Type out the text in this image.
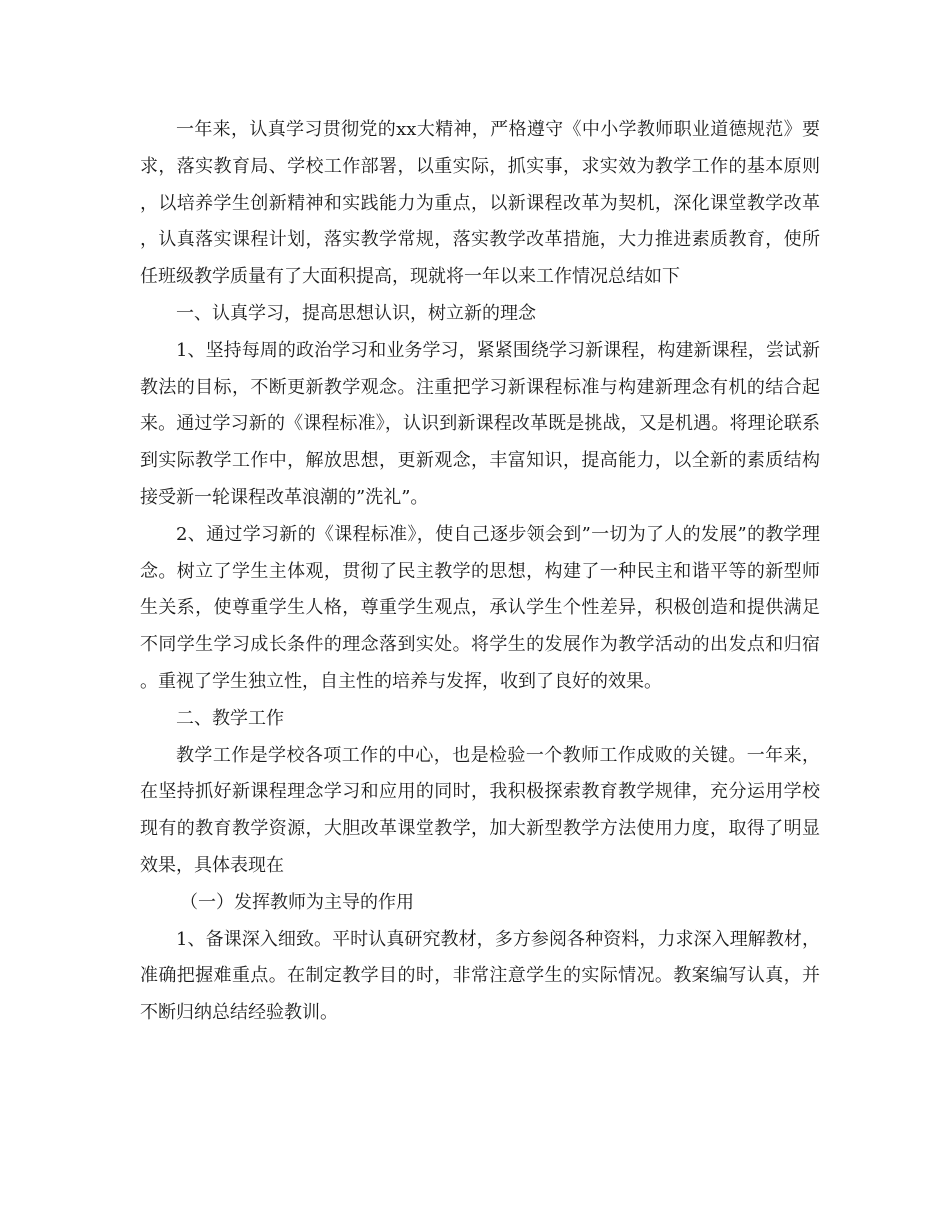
一年来，认真学习贯彻党的xx大精神，严格遵守《中小学教师职业道德规范》要求，落实教育局、学校工作部署，以重实际，抓实事，求实效为教学工作的基本原则，以培养学生创新精神和实践能力为重点，以新课程改革为契机，深化课堂教学改革，认真落实课程计划，落实教学常规，落实教学改革措施，大力推进素质教育，使所任班级教学质量有了大面积提高，现就将一年以来工作情况总结如下

一、认真学习，提高思想认识，树立新的理念

1、坚持每周的政治学习和业务学习，紧紧围绕学习新课程，构建新课程，尝试新教法的目标，不断更新教学观念。注重把学习新课程标准与构建新理念有机的结合起来。通过学习新的《课程标准》，认识到新课程改革既是挑战，又是机遇。将理论联系到实际教学工作中，解放思想，更新观念，丰富知识，提高能力，以全新的素质结构接受新一轮课程改革浪潮的”洗礼”。

2、通过学习新的《课程标准》，使自己逐步领会到”一切为了人的发展”的教学理念。树立了学生主体观，贯彻了民主教学的思想，构建了一种民主和谐平等的新型师生关系，使尊重学生人格，尊重学生观点，承认学生个性差异，积极创造和提供满足不同学生学习成长条件的理念落到实处。将学生的发展作为教学活动的出发点和归宿。重视了学生独立性，自主性的培养与发挥，收到了良好的效果。

二、教学工作

教学工作是学校各项工作的中心，也是检验一个教师工作成败的关键。一年来，在坚持抓好新课程理念学习和应用的同时，我积极探索教育教学规律，充分运用学校现有的教育教学资源，大胆改革课堂教学，加大新型教学方法使用力度，取得了明显效果，具体表现在

（一）发挥教师为主导的作用

1、备课深入细致。平时认真研究教材，多方参阅各种资料，力求深入理解教材，准确把握难重点。在制定教学目的时，非常注意学生的实际情况。教案编写认真，并不断归纳总结经验教训。
